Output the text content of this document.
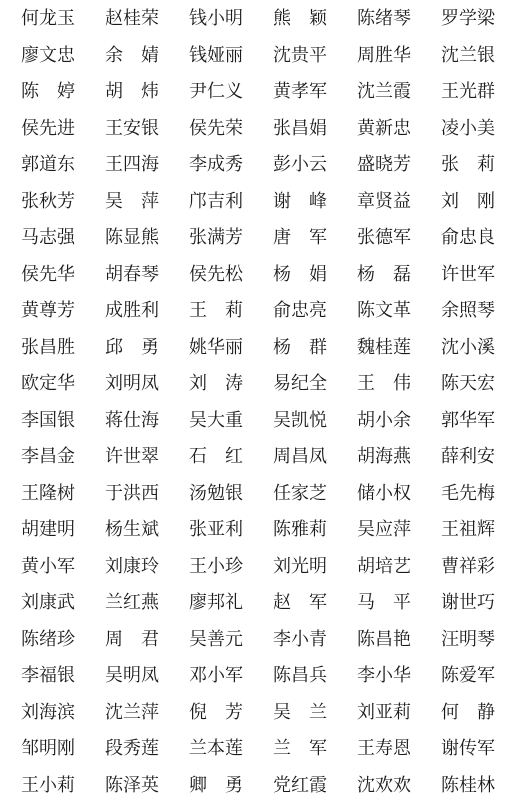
何龙玉	赵桂荣	钱小明	熊颖 陈绪琴	罗学梁
廖文忠	余婧 钱娅丽	沈贵平	周胜华	沈兰银
陈婷 胡炜 尹仁义	黄孝军	沈兰霞	王光群
侯先进	王安银	侯先荣	张昌娟	黄新忠	凌小美
郭道东	王四海	李成秀	彭小云	盛晓芳	张莉
张秋芳	吴萍 邝吉利	谢峰 章贤益	刘刚
马志强	陈显熊	张满芳	唐军 张德军	俞忠良
侯先华	胡春琴	侯先松	杨娟 杨磊 许世军
黄尊芳	成胜利	王莉 俞忠亮	陈文革	余照琴
张昌胜	邱勇 姚华丽	杨群 魏桂莲	沈小溪
欧定华	刘明凤	刘涛 易纪全	王伟 陈天宏
李国银	蒋仕海	吴大重	吴凯悦	胡小余	郭华军
李昌金	许世翠	石红 周昌凤	胡海燕	薛利安
王隆树	于洪西	汤勉银	任家芝	储小权	毛先梅
胡建明	杨生斌	张亚利	陈雅莉	吴应萍	王祖辉
黄小军	刘康玲	王小珍	刘光明	胡培艺	曹祥彩
刘康武	兰红燕	廖邦礼	赵军 马平 谢世巧
陈绪珍	周君 吴善元	李小青	陈昌艳	汪明琴
李福银	吴明凤	邓小军	陈昌兵	李小华	陈爱军
刘海滨	沈兰萍	倪芳 吴兰 刘亚莉	何静
邹明刚	段秀莲	兰本莲	兰军 王寿恩	谢传军
王小莉	陈泽英	卿勇 党红霞	沈欢欢	陈桂林
